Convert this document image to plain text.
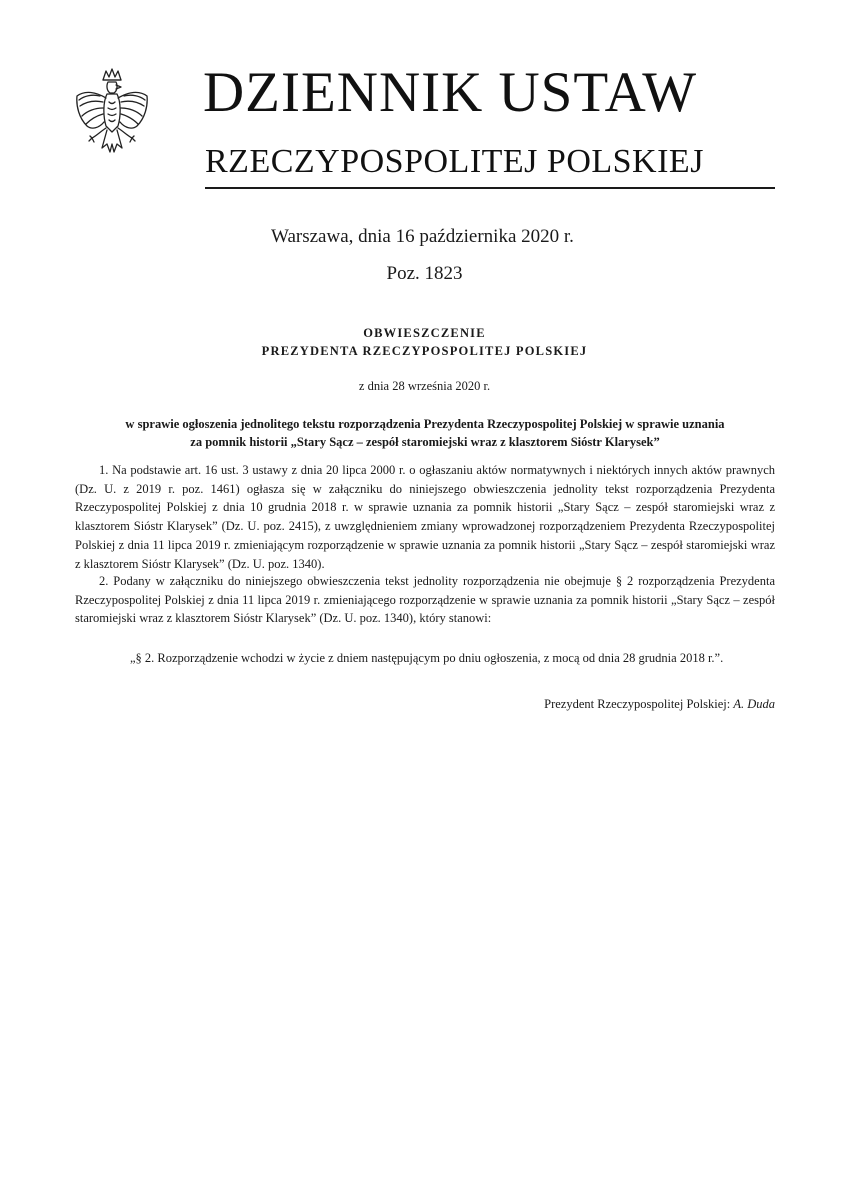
DZIENNIK USTAW
RZECZYPOSPOLITEJ POLSKIEJ
Warszawa, dnia 16 października 2020 r.
Poz. 1823
OBWIESZCZENIE
PREZYDENTA RZECZYPOSPOLITEJ POLSKIEJ
z dnia 28 września 2020 r.
w sprawie ogłoszenia jednolitego tekstu rozporządzenia Prezydenta Rzeczypospolitej Polskiej w sprawie uznania
za pomnik historii „Stary Sącz – zespół staromiejski wraz z klasztorem Sióstr Klarysek”
1. Na podstawie art. 16 ust. 3 ustawy z dnia 20 lipca 2000 r. o ogłaszaniu aktów normatywnych i niektórych innych aktów prawnych (Dz. U. z 2019 r. poz. 1461) ogłasza się w załączniku do niniejszego obwieszczenia jednolity tekst rozporządzenia Prezydenta Rzeczypospolitej Polskiej z dnia 10 grudnia 2018 r. w sprawie uznania za pomnik historii „Stary Sącz – zespół staromiejski wraz z klasztorem Sióstr Klarysek” (Dz. U. poz. 2415), z uwzględnieniem zmiany wprowadzonej rozporządzeniem Prezydenta Rzeczypospolitej Polskiej z dnia 11 lipca 2019 r. zmieniającym rozporządzenie w sprawie uznania za pomnik historii „Stary Sącz – zespół staromiejski wraz z klasztorem Sióstr Klarysek” (Dz. U. poz. 1340).
2. Podany w załączniku do niniejszego obwieszczenia tekst jednolity rozporządzenia nie obejmuje § 2 rozporządzenia Prezydenta Rzeczypospolitej Polskiej z dnia 11 lipca 2019 r. zmieniającego rozporządzenie w sprawie uznania za pomnik historii „Stary Sącz – zespół staromiejski wraz z klasztorem Sióstr Klarysek” (Dz. U. poz. 1340), który stanowi:
„§ 2. Rozporządzenie wchodzi w życie z dniem następującym po dniu ogłoszenia, z mocą od dnia 28 grudnia 2018 r.”.
Prezydent Rzeczypospolitej Polskiej: A. Duda
